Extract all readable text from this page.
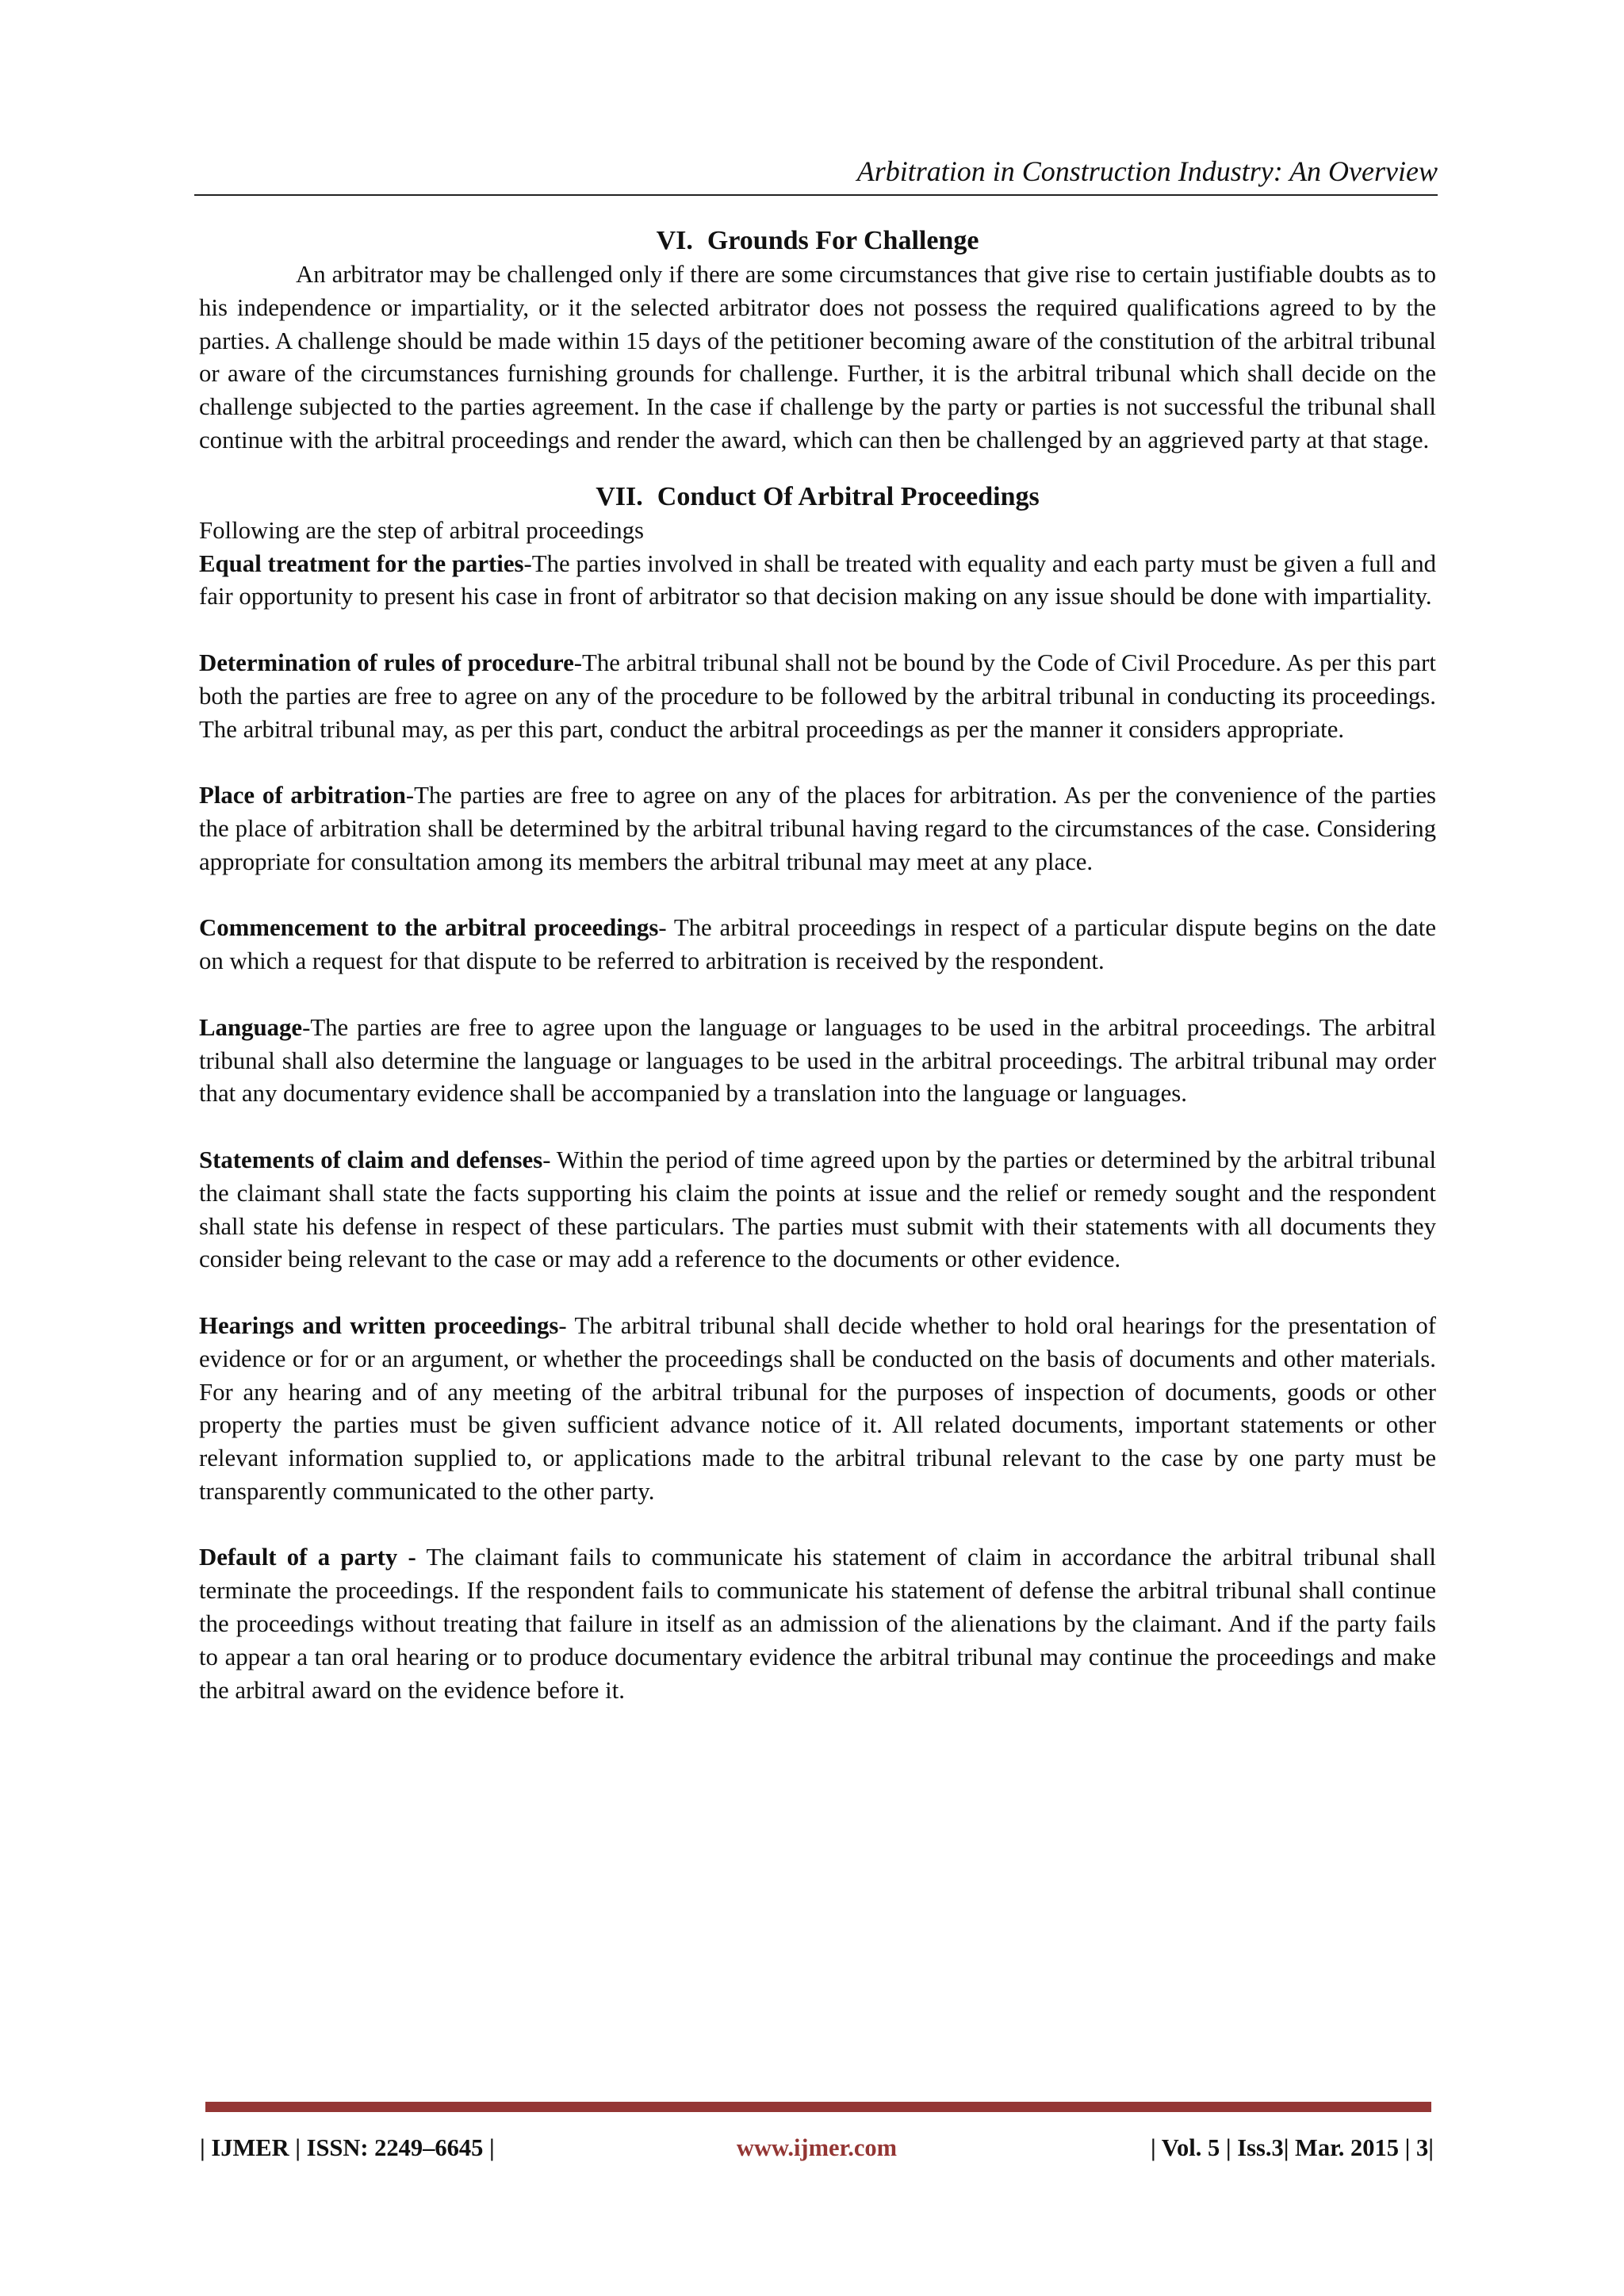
Arbitration in Construction Industry: An Overview
VI. Grounds For Challenge

An arbitrator may be challenged only if there are some circumstances that give rise to certain justifiable doubts as to his independence or impartiality, or it the selected arbitrator does not possess the required qualifications agreed to by the parties. A challenge should be made within 15 days of the petitioner becoming aware of the constitution of the arbitral tribunal or aware of the circumstances furnishing grounds for challenge. Further, it is the arbitral tribunal which shall decide on the challenge subjected to the parties agreement. In the case if challenge by the party or parties is not successful the tribunal shall continue with the arbitral proceedings and render the award, which can then be challenged by an aggrieved party at that stage.

VII. Conduct Of Arbitral Proceedings

Following are the step of arbitral proceedings

Equal treatment for the parties-The parties involved in shall be treated with equality and each party must be given a full and fair opportunity to present his case in front of arbitrator so that decision making on any issue should be done with impartiality.

Determination of rules of procedure-The arbitral tribunal shall not be bound by the Code of Civil Procedure. As per this part both the parties are free to agree on any of the procedure to be followed by the arbitral tribunal in conducting its proceedings. The arbitral tribunal may, as per this part, conduct the arbitral proceedings as per the manner it considers appropriate.

Place of arbitration-The parties are free to agree on any of the places for arbitration. As per the convenience of the parties the place of arbitration shall be determined by the arbitral tribunal having regard to the circumstances of the case. Considering appropriate for consultation among its members the arbitral tribunal may meet at any place.

Commencement to the arbitral proceedings- The arbitral proceedings in respect of a particular dispute begins on the date on which a request for that dispute to be referred to arbitration is received by the respondent.

Language-The parties are free to agree upon the language or languages to be used in the arbitral proceedings. The arbitral tribunal shall also determine the language or languages to be used in the arbitral proceedings. The arbitral tribunal may order that any documentary evidence shall be accompanied by a translation into the language or languages.

Statements of claim and defenses- Within the period of time agreed upon by the parties or determined by the arbitral tribunal the claimant shall state the facts supporting his claim the points at issue and the relief or remedy sought and the respondent shall state his defense in respect of these particulars. The parties must submit with their statements with all documents they consider being relevant to the case or may add a reference to the documents or other evidence.

Hearings and written proceedings- The arbitral tribunal shall decide whether to hold oral hearings for the presentation of evidence or for or an argument, or whether the proceedings shall be conducted on the basis of documents and other materials. For any hearing and of any meeting of the arbitral tribunal for the purposes of inspection of documents, goods or other property the parties must be given sufficient advance notice of it. All related documents, important statements or other relevant information supplied to, or applications made to the arbitral tribunal relevant to the case by one party must be transparently communicated to the other party.

Default of a party - The claimant fails to communicate his statement of claim in accordance the arbitral tribunal shall terminate the proceedings. If the respondent fails to communicate his statement of defense the arbitral tribunal shall continue the proceedings without treating that failure in itself as an admission of the alienations by the claimant. And if the party fails to appear a tan oral hearing or to produce documentary evidence the arbitral tribunal may continue the proceedings and make the arbitral award on the evidence before it.

| IJMER | ISSN: 2249–6645 |	www.ijmer.com	| Vol. 5 | Iss.3| Mar. 2015 | 3|
